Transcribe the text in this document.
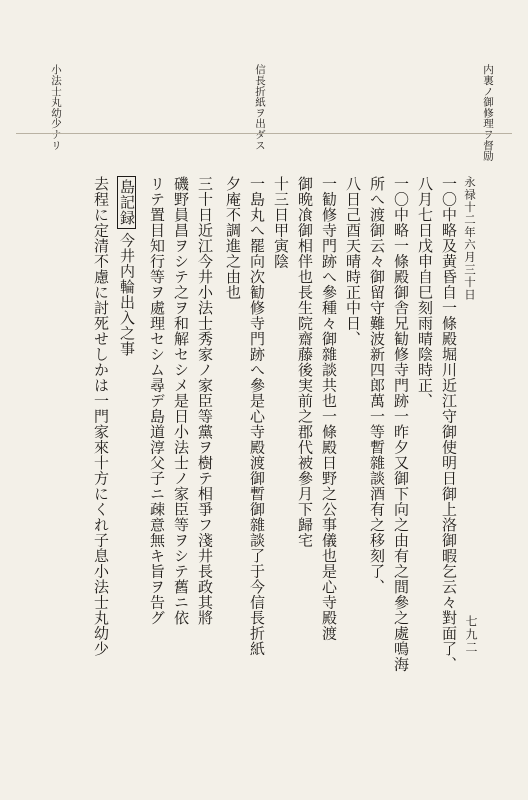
内裏ノ御修理ヲ督励
信長折紙ヲ出ダス
小法士丸幼少ナリ
永禄十二年六月三十日
七九二
一〇中略及黄昏自一條殿堀川近江守御使明日御上洛御暇乞云々對面了、
八月七日戊申自巳刻雨晴陰時正、
一〇中略一條殿御舎兄勧修寺門跡一昨夕又御下向之由有之間參之處鳴海
所へ渡御云々御留守難波新四郎萬一等暫雜談酒有之移刻了、
八日己酉天晴時正中日、
一勧修寺門跡へ參種々御雜談共也一條殿日野之公事儀也是心寺殿渡
御晩飡御相伴也長生院齋藤後実前之郡代被參月下歸宅
十三日甲寅陰
一島丸へ罷向次勧修寺門跡へ參是心寺殿渡御暫御雜談了于今信長折紙
夕庵不調進之由也
三十日近江今井小法士秀家ノ家臣等黨ヲ樹テ相爭フ淺井長政其將
磯野員昌ヲシテ之ヲ和解セシメ是日小法士ノ家臣等ヲシテ舊ニ依
リテ置目知行等ヲ處理セシム尋デ島道淳父子ニ疎意無キ旨ヲ告グ
島記録今井内輪出入之事
去程に定清不慮に討死せしかは一門家來十方にくれ子息小法士丸幼少
